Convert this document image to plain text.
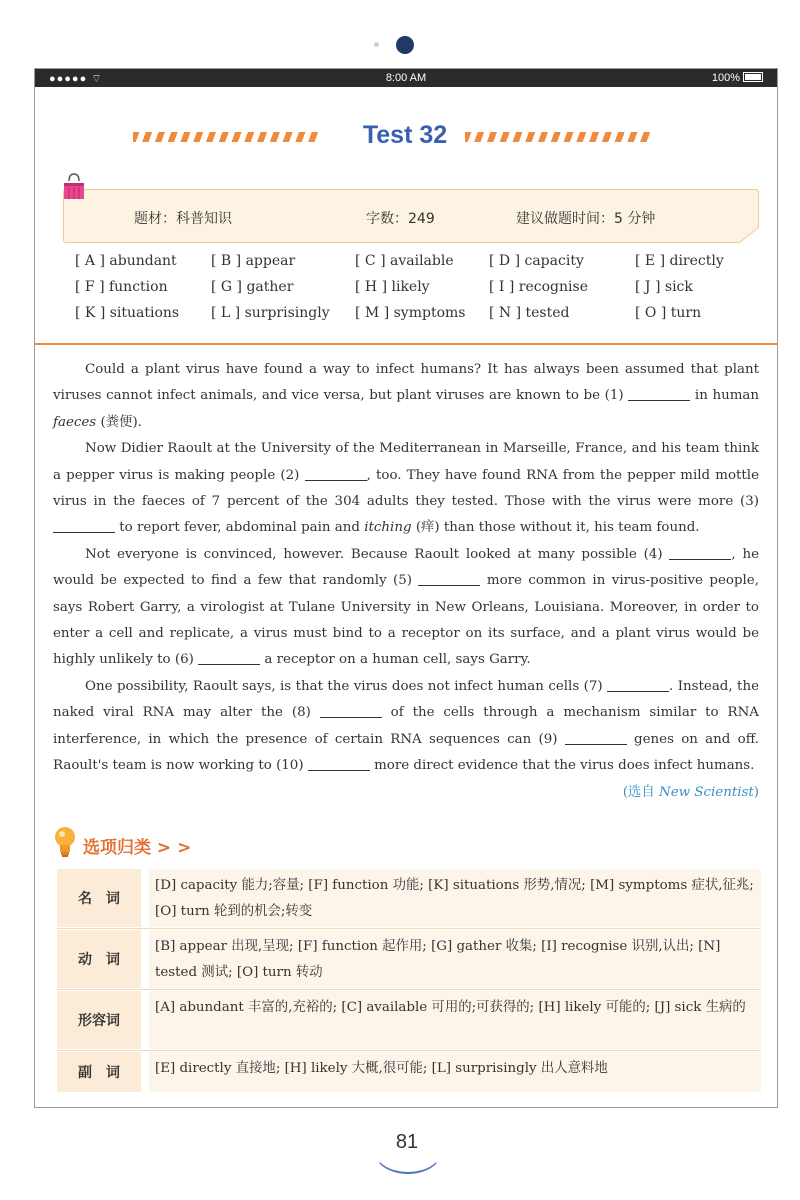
●●●●● ⌔	8:00 AM	100%
Test 32
题材：科普知识	字数：249	建议做题时间：5 分钟
[ A ] abundant [ B ] appear	[ C ] available	[ D ] capacity	[ E ] directly
[ F ] function	[ G ] gather	[ H ] likely	[ I ] recognise	[ J ] sick
[ K ] situations [ L ] surprisingly [ M ] symptoms [ N ] tested	[ O ] turn

Could a plant virus have found a way to infect humans? It has always been assumed that plant viruses cannot infect animals, and vice versa, but plant viruses are known to be (1)	in human faeces (粪便).

Now Didier Raoult at the University of the Mediterranean in Marseille, France, and his team think a pepper virus is making people (2)	, too. They have found RNA from the pepper mild mottle virus in the faeces of 7 percent of the 304 adults they tested. Those with the virus were more (3)  to report fever, abdominal pain and itching (痒) than those without it, his team found.

Not everyone is convinced, however. Because Raoult looked at many possible (4)	, he would be expected to find a few that randomly (5)	more common in virus-positive people, says Robert Garry, a virologist at Tulane University in New Orleans, Louisiana. Moreover, in order to enter a cell and replicate, a virus must bind to a receptor on its surface, and a plant virus would be highly unlikely to (6)	a receptor on a human cell, says Garry.

One possibility, Raoult says, is that the virus does not infect human cells (7)	. Instead, the naked viral RNA may alter the (8)	of the cells through a mechanism similar to RNA interference, in which the presence of certain RNA sequences can (9)	genes on and off. Raoult's team is now working to (10)	more direct evidence that the virus does infect humans.

(选自 New Scientist)
选项归类 > >
名　词
[D] capacity 能力;容量; [F] function 功能; [K] situations 形势,情况; [M] symptoms 症状,征兆; [O] turn 轮到的机会;转变
动　词
[B] appear 出现,呈现; [F] function 起作用; [G] gather 收集; [I] recognise 识别,认出; [N] tested 测试; [O] turn 转动
形容词
[A] abundant 丰富的,充裕的; [C] available 可用的;可获得的; [H] likely 可能的; [J] sick 生病的
副　词	[E] directly 直接地; [H] likely 大概,很可能; [L] surprisingly 出人意料地
81
